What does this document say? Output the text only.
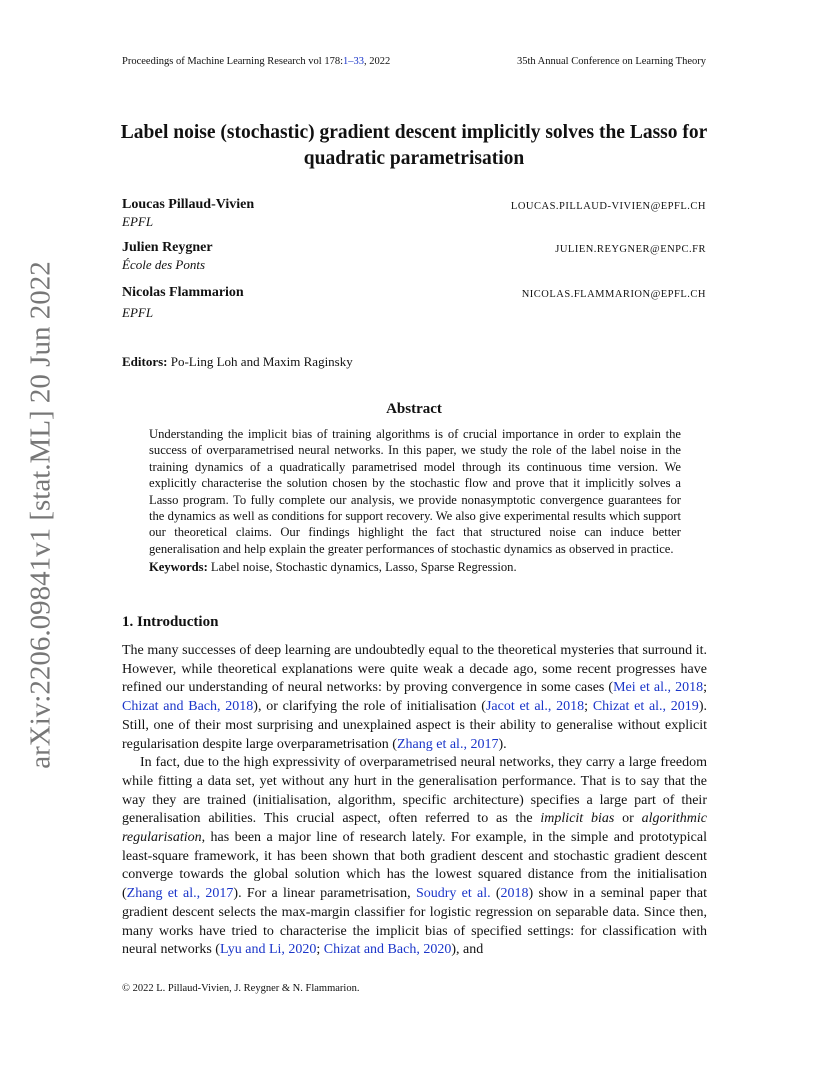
Proceedings of Machine Learning Research vol 178:1–33, 2022	35th Annual Conference on Learning Theory
Label noise (stochastic) gradient descent implicitly solves the Lasso for
quadratic parametrisation
Loucas Pillaud-Vivien
EPFL
LOUCAS.PILLAUD-VIVIEN@EPFL.CH
Julien Reygner
École des Ponts
JULIEN.REYGNER@ENPC.FR
Nicolas Flammarion
EPFL
NICOLAS.FLAMMARION@EPFL.CH
Editors: Po-Ling Loh and Maxim Raginsky
Abstract

Understanding the implicit bias of training algorithms is of crucial importance in order to explain the success of overparametrised neural networks. In this paper, we study the role of the label noise in the training dynamics of a quadratically parametrised model through its continuous time version. We explicitly characterise the solution chosen by the stochastic flow and prove that it implicitly solves a Lasso program. To fully complete our analysis, we provide nonasymptotic convergence guarantees for the dynamics as well as conditions for support recovery. We also give experimental results which support our theoretical claims. Our findings highlight the fact that structured noise can induce better generalisation and help explain the greater performances of stochastic dynamics as observed in practice.

Keywords: Label noise, Stochastic dynamics, Lasso, Sparse Regression.

1. Introduction

The many successes of deep learning are undoubtedly equal to the theoretical mysteries that surround it. However, while theoretical explanations were quite weak a decade ago, some recent progresses have refined our understanding of neural networks: by proving convergence in some cases (Mei et al., 2018; Chizat and Bach, 2018), or clarifying the role of initialisation (Jacot et al., 2018; Chizat et al., 2019). Still, one of their most surprising and unexplained aspect is their ability to generalise without explicit regularisation despite large overparametrisation (Zhang et al., 2017).

In fact, due to the high expressivity of overparametrised neural networks, they carry a large freedom while fitting a data set, yet without any hurt in the generalisation performance. That is to say that the way they are trained (initialisation, algorithm, specific architecture) specifies a large part of their generalisation abilities. This crucial aspect, often referred to as the implicit bias or algorithmic regularisation, has been a major line of research lately. For example, in the simple and prototypical least-square framework, it has been shown that both gradient descent and stochastic gradient descent converge towards the global solution which has the lowest squared distance from the initialisation (Zhang et al., 2017). For a linear parametrisation, Soudry et al. (2018) show in a seminal paper that gradient descent selects the max-margin classifier for logistic regression on separable data. Since then, many works have tried to characterise the implicit bias of specified settings: for classification with neural networks (Lyu and Li, 2020; Chizat and Bach, 2020), and

© 2022 L. Pillaud-Vivien, J. Reygner & N. Flammarion.
arXiv:2206.09841v1 [stat.ML] 20 Jun 2022
